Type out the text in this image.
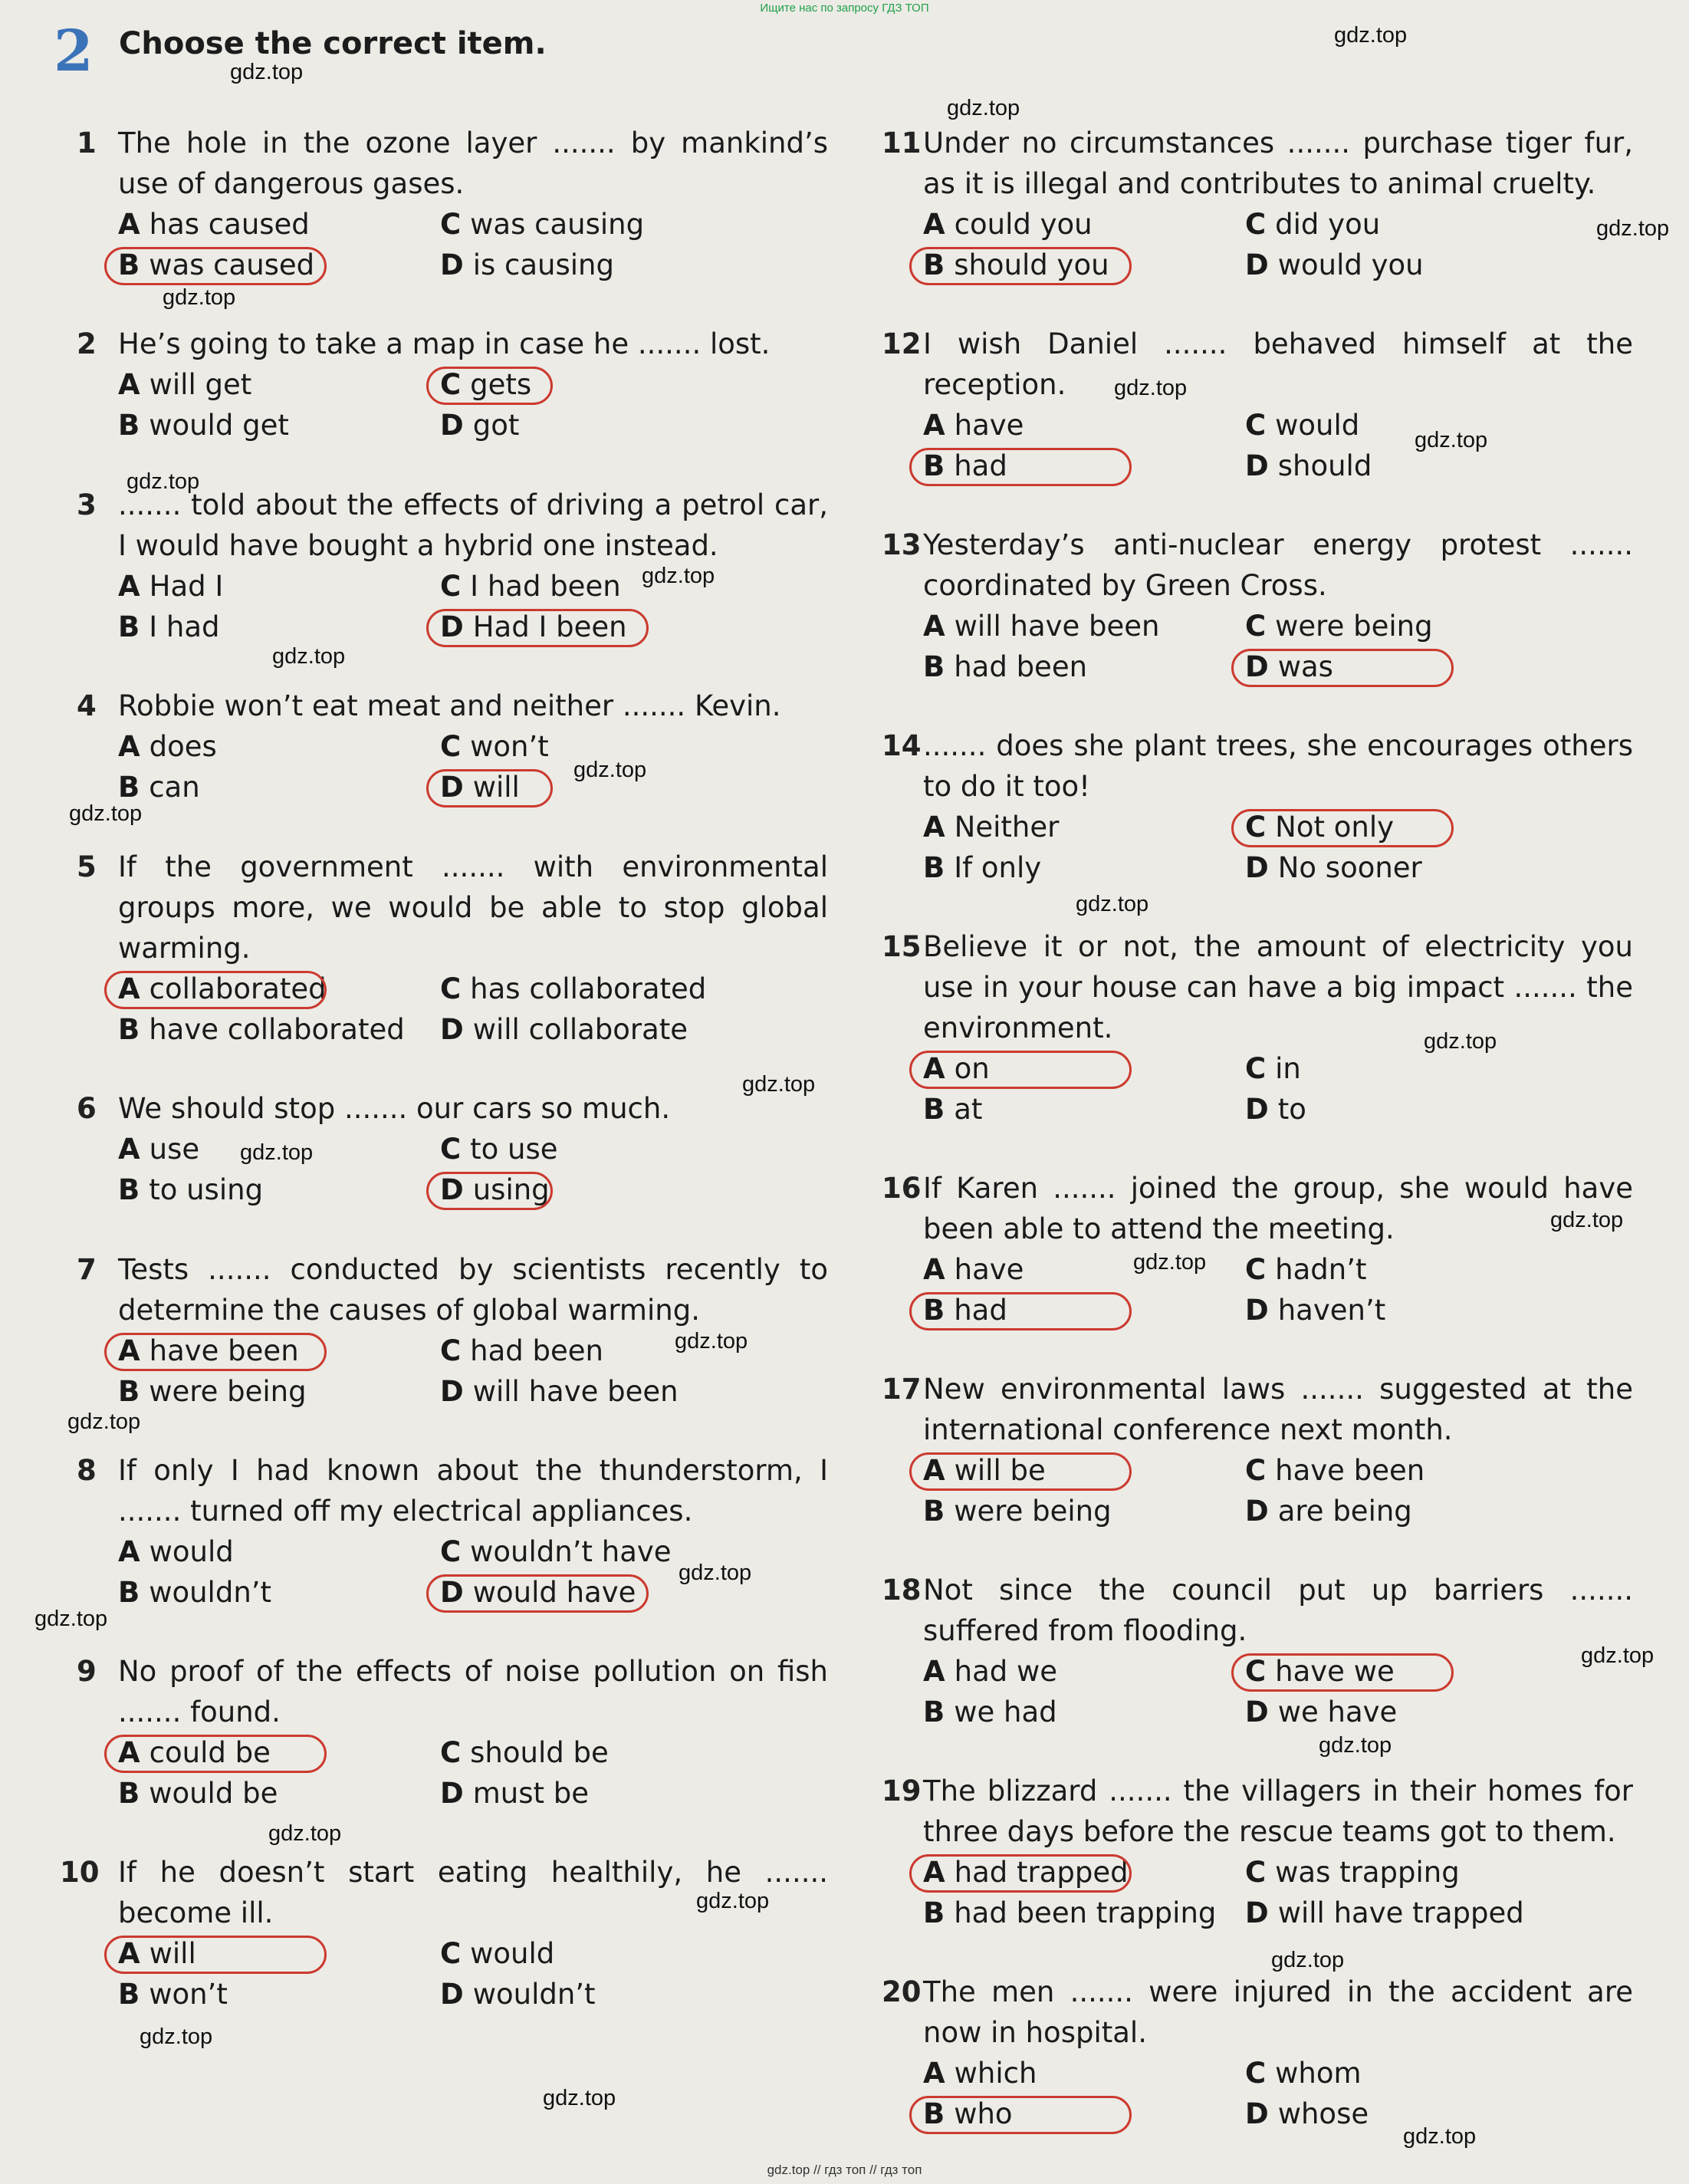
Ищите нас по запросу ГДЗ ТОП
2 Choose the correct item.
1 The hole in the ozone layer ....... by mankind’s use of dangerous gases.
A has caused	C was causing
B was caused	D is causing
2 He’s going to take a map in case he ....... lost.
A will get	C gets
B would get	D got
3 ....... told about the effects of driving a petrol car, I would have bought a hybrid one instead.
A Had I	C I had been
B I had	D Had I been
4 Robbie won’t eat meat and neither ....... Kevin.
A does	C won’t
B can	D will
5 If the government ....... with environmental groups more, we would be able to stop global warming.
A collaborated	C has collaborated
B have collaborated	D will collaborate
6 We should stop ....... our cars so much.
A use	C to use
B to using	D using
7 Tests ....... conducted by scientists recently to determine the causes of global warming.
A have been	C had been
B were being	D will have been
8 If only I had known about the thunderstorm, I ....... turned off my electrical appliances.
A would	C wouldn’t have
B wouldn’t	D would have
9 No proof of the effects of noise pollution on fish ....... found.
A could be	C should be
B would be	D must be
10 If he doesn’t start eating healthily, he ....... become ill.
A will	C would
B won’t	D wouldn’t
11 Under no circumstances ....... purchase tiger fur, as it is illegal and contributes to animal cruelty.
A could you	C did you
B should you	D would you
12 I wish Daniel ....... behaved himself at the reception.
A have	C would
B had	D should
13 Yesterday’s anti-nuclear energy protest ....... coordinated by Green Cross.
A will have been	C were being
B had been	D was
14 ....... does she plant trees, she encourages others to do it too!
A Neither	C Not only
B If only	D No sooner
15 Believe it or not, the amount of electricity you use in your house can have a big impact ....... the environment.
A on	C in
B at	D to
16 If Karen ....... joined the group, she would have been able to attend the meeting.
A have	C hadn’t
B had	D haven’t
17 New environmental laws ....... suggested at the international conference next month.
A will be	C have been
B were being	D are being
18 Not since the council put up barriers ....... suffered from flooding.
A had we	C have we
B we had	D we have
19 The blizzard ....... the villagers in their homes for three days before the rescue teams got to them.
A had trapped	C was trapping
B had been trapping	D will have trapped
20 The men ....... were injured in the accident are now in hospital.
A which	C whom
B who	D whose
gdz.top
gdz.top
gdz.top
gdz.top
gdz.top
gdz.top
gdz.top
gdz.top
gdz.top
gdz.top
gdz.top
gdz.top
gdz.top
gdz.top
gdz.top
gdz.top
gdz.top
gdz.top
gdz.top
gdz.top
gdz.top
gdz.top
gdz.top
gdz.top
gdz.top
gdz.top
gdz.top
gdz.top
gdz.top
gdz.top
gdz.top // гдз топ // гдз топ
